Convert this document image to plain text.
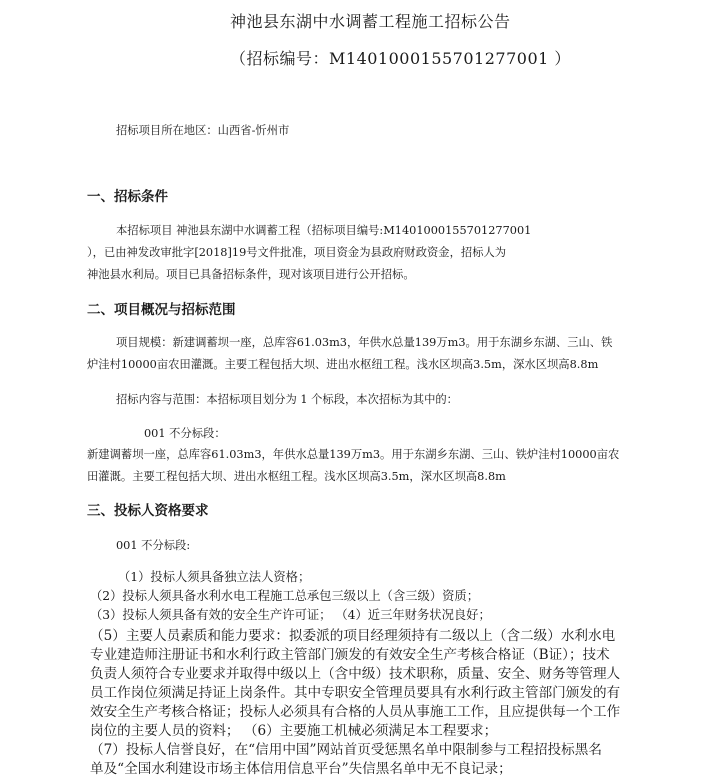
神池县东湖中水调蓄工程施工招标公告
（招标编号：M1401000155701277001 ）
招标项目所在地区：山西省-忻州市
一、招标条件
本招标项目 神池县东湖中水调蓄工程（招标项目编号:M1401000155701277001
），已由神发改审批字[2018]19号文件批准，项目资金为县政府财政资金，招标人为
神池县水利局。项目已具备招标条件，现对该项目进行公开招标。
二、项目概况与招标范围
项目规模：新建调蓄坝一座，总库容61.03m3，年供水总量139万m3。用于东湖乡东湖、三山、铁
炉洼村10000亩农田灌溉。主要工程包括大坝、进出水枢纽工程。浅水区坝高3.5m，深水区坝高8.8m
招标内容与范围：本招标项目划分为 1 个标段，本次招标为其中的：
001 不分标段：
新建调蓄坝一座，总库容61.03m3，年供水总量139万m3。用于东湖乡东湖、三山、铁炉洼村10000亩农
田灌溉。主要工程包括大坝、进出水枢纽工程。浅水区坝高3.5m，深水区坝高8.8m
三、投标人资格要求
001 不分标段:
（1）投标人须具备独立法人资格；
（2）投标人须具备水利水电工程施工总承包三级以上（含三级）资质；
（3）投标人须具备有效的安全生产许可证； （4）近三年财务状况良好；
（5）主要人员素质和能力要求：拟委派的项目经理须持有二级以上（含二级）水利水电
专业建造师注册证书和水利行政主管部门颁发的有效安全生产考核合格证（B证）；技术
负责人须符合专业要求并取得中级以上（含中级）技术职称，质量、安全、财务等管理人
员工作岗位须满足持证上岗条件。其中专职安全管理员要具有水利行政主管部门颁发的有
效安全生产考核合格证；投标人必须具有合格的人员从事施工工作，且应提供每一个工作
岗位的主要人员的资料； （6）主要施工机械必须满足本工程要求；
（7）投标人信誉良好，在“信用中国”网站首页受惩黑名单中限制参与工程招投标黑名
单及“全国水利建设市场主体信用信息平台”失信黑名单中无不良记录；
